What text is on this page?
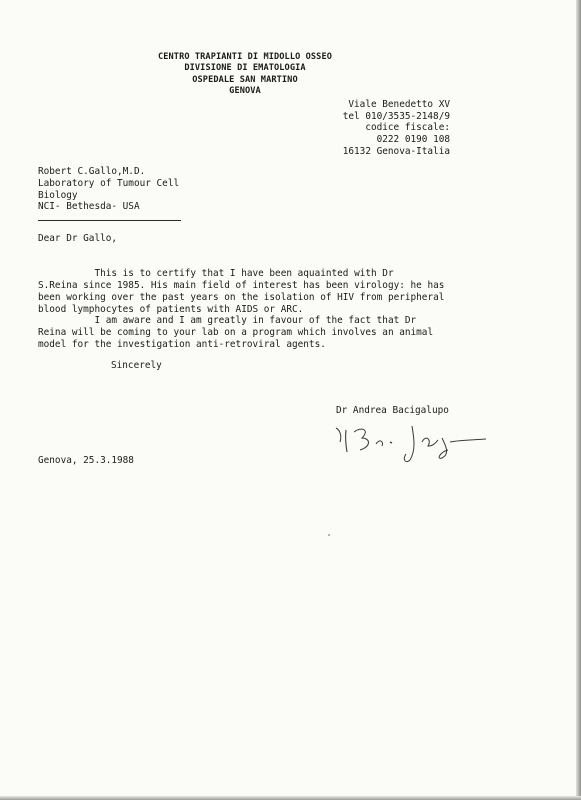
CENTRO TRAPIANTI DI MIDOLLO OSSEO
DIVISIONE DI EMATOLOGIA
OSPEDALE SAN MARTINO
GENOVA
Viale Benedetto XV
tel 010/3535-2148/9
codice fiscale:
0222 0190 108
16132 Genova-Italia
Robert C.Gallo,M.D.
Laboratory of Tumour Cell
Biology
NCI- Bethesda- USA
Dear Dr Gallo,
This is to certify that I have been aquainted with Dr
S.Reina since 1985. His main field of interest has been virology: he has
been working over the past years on the isolation of HIV from peripheral
blood lymphocytes of patients with AIDS or ARC.
I am aware and I am greatly in favour of the fact that Dr
Reina will be coming to your lab on a program which involves an animal
model for the investigation anti-retroviral agents.
Sincerely
Dr Andrea Bacigalupo
Genova, 25.3.1988
